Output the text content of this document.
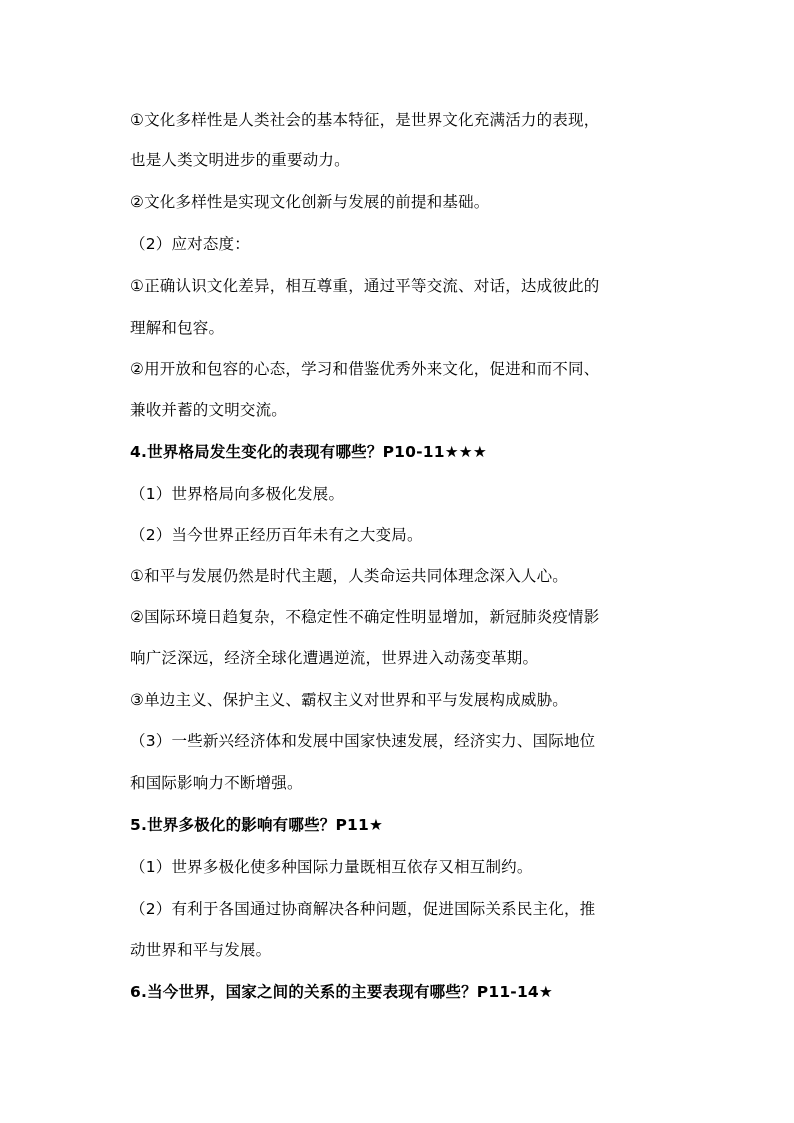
①文化多样性是人类社会的基本特征，是世界文化充满活力的表现，
也是人类文明进步的重要动力。
②文化多样性是实现文化创新与发展的前提和基础。
（2）应对态度：
①正确认识文化差异，相互尊重，通过平等交流、对话，达成彼此的
理解和包容。
②用开放和包容的心态，学习和借鉴优秀外来文化，促进和而不同、
兼收并蓄的文明交流。
4.世界格局发生变化的表现有哪些？P10-11★★★
（1）世界格局向多极化发展。
（2）当今世界正经历百年未有之大变局。
①和平与发展仍然是时代主题，人类命运共同体理念深入人心。
②国际环境日趋复杂，不稳定性不确定性明显增加，新冠肺炎疫情影
响广泛深远，经济全球化遭遇逆流，世界进入动荡变革期。
③单边主义、保护主义、霸权主义对世界和平与发展构成威胁。
（3）一些新兴经济体和发展中国家快速发展，经济实力、国际地位
和国际影响力不断增强。
5.世界多极化的影响有哪些？P11★
（1）世界多极化使多种国际力量既相互依存又相互制约。
（2）有利于各国通过协商解决各种问题，促进国际关系民主化，推
动世界和平与发展。
6.当今世界，国家之间的关系的主要表现有哪些？P11-14★
